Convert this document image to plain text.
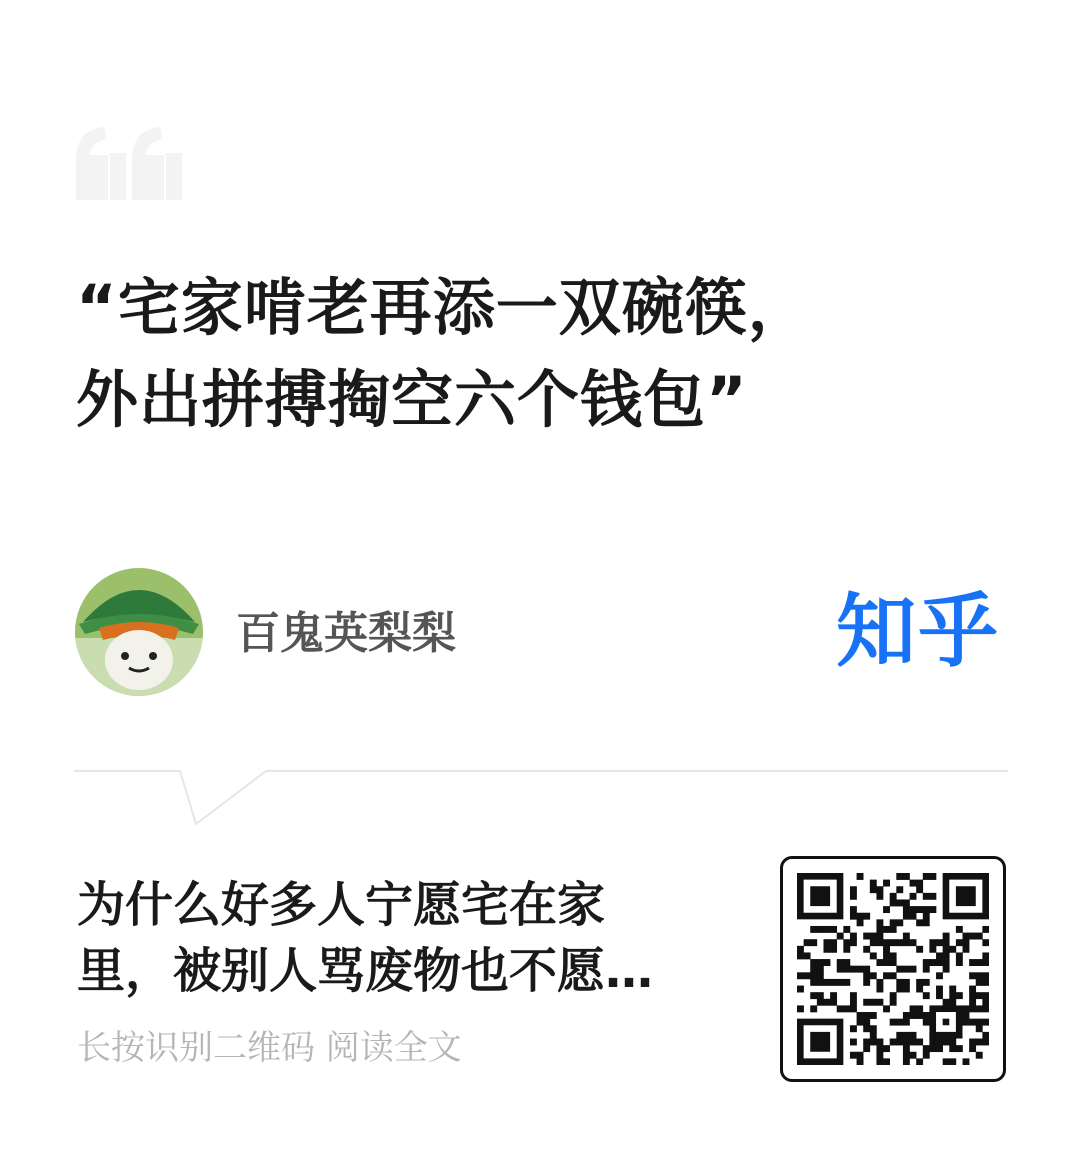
“宅家啃老再添一双碗筷，
外出拼搏掏空六个钱包”
百鬼英梨梨	知乎
为什么好多人宁愿宅在家
里，被别人骂废物也不愿…
长按识别二维码 阅读全文
